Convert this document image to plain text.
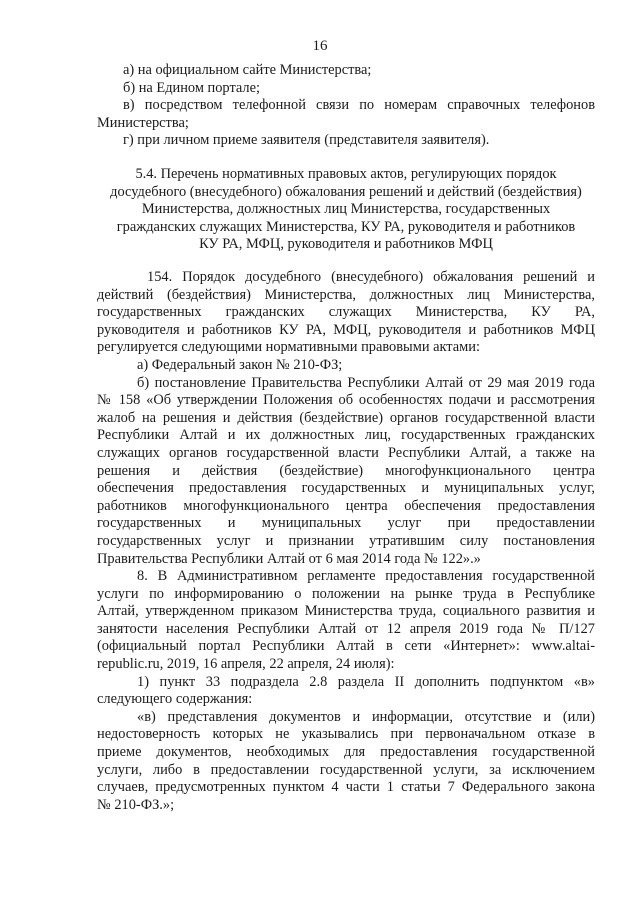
16
а) на официальном сайте Министерства;
б) на Едином портале;
в) посредством телефонной связи по номерам справочных телефонов
Министерства;
г) при личном приеме заявителя (представителя заявителя).
5.4. Перечень нормативных правовых актов, регулирующих порядок
досудебного (внесудебного) обжалования решений и действий (бездействия)
Министерства, должностных лиц Министерства, государственных
гражданских служащих Министерства, КУ РА, руководителя и работников
КУ РА, МФЦ, руководителя и работников МФЦ
154. Порядок досудебного (внесудебного) обжалования решений и
действий (бездействия) Министерства, должностных лиц Министерства,
государственных гражданских служащих Министерства, КУ РА,
руководителя и работников КУ РА, МФЦ, руководителя и работников МФЦ
регулируется следующими нормативными правовыми актами:
а) Федеральный закон № 210-ФЗ;
б) постановление Правительства Республики Алтай от 29 мая 2019 года
№ 158 «Об утверждении Положения об особенностях подачи и рассмотрения
жалоб на решения и действия (бездействие) органов государственной власти
Республики Алтай и их должностных лиц, государственных гражданских
служащих органов государственной власти Республики Алтай, а также на
решения и действия (бездействие) многофункционального центра
обеспечения предоставления государственных и муниципальных услуг,
работников многофункционального центра обеспечения предоставления
государственных и муниципальных услуг при предоставлении
государственных услуг и признании утратившим силу постановления
Правительства Республики Алтай от 6 мая 2014 года № 122».»
8. В Административном регламенте предоставления государственной
услуги по информированию о положении на рынке труда в Республике
Алтай, утвержденном приказом Министерства труда, социального развития и
занятости населения Республики Алтай от 12 апреля 2019 года № П/127
(официальный портал Республики Алтай в сети «Интернет»: www.altai-
republic.ru, 2019, 16 апреля, 22 апреля, 24 июля):
1) пункт 33 подраздела 2.8 раздела II дополнить подпунктом «в»
следующего содержания:
«в) представления документов и информации, отсутствие и (или)
недостоверность которых не указывались при первоначальном отказе в
приеме документов, необходимых для предоставления государственной
услуги, либо в предоставлении государственной услуги, за исключением
случаев, предусмотренных пунктом 4 части 1 статьи 7 Федерального закона
№ 210-ФЗ.»;
